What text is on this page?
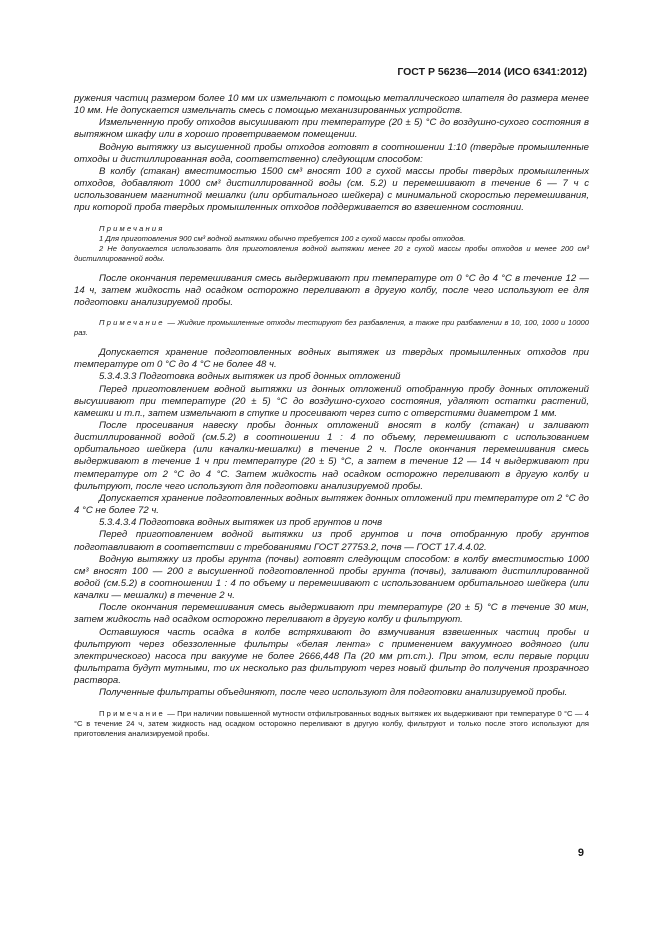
ГОСТ Р 56236—2014 (ИСО 6341:2012)

ружения частиц размером более 10 мм их измельчают с помощью металлического шпателя до размера менее 10 мм. Не допускается измельчать смесь с помощью механизированных устройств.

Измельченную пробу отходов высушивают при температуре (20 ± 5) °С до воздушно-сухого состояния в вытяжном шкафу или в хорошо проветриваемом помещении.

Водную вытяжку из высушенной пробы отходов готовят в соотношении 1:10 (твердые промышленные отходы и дистиллированная вода, соответственно) следующим способом:

В колбу (стакан) вместимостью 1500 см³ вносят 100 г сухой массы пробы твердых промышленных отходов, добавляют 1000 см³ дистиллированной воды (см. 5.2) и перемешивают в течение 6 — 7 ч с использованием магнитной мешалки (или орбитального шейкера) с минимальной скоростью перемешивания, при которой проба твердых промышленных отходов поддерживается во взвешенном состоянии.

Примечания

1 Для приготовления 900 см³ водной вытяжки обычно требуется 100 г сухой массы пробы отходов.

2 Не допускается использовать для приготовления водной вытяжки менее 20 г сухой массы пробы отходов и менее 200 см³ дистиллированной воды.

После окончания перемешивания смесь выдерживают при температуре от 0 °С до 4 °С в течение 12 — 14 ч, затем жидкость над осадком осторожно переливают в другую колбу, после чего используют ее для подготовки анализируемой пробы.

Примечание — Жидкие промышленные отходы тестируют без разбавления, а также при разбавлении в 10, 100, 1000 и 10000 раз.

Допускается хранение подготовленных водных вытяжек из твердых промышленных отходов при температуре от 0 °С до 4 °С не более 48 ч.

5.3.4.3.3 Подготовка водных вытяжек из проб донных отложений

Перед приготовлением водной вытяжки из донных отложений отобранную пробу донных отложений высушивают при температуре (20 ± 5) °С до воздушно-сухого состояния, удаляют остатки растений, камешки и т.п., затем измельчают в ступке и просеивают через сито с отверстиями диаметром 1 мм.

После просеивания навеску пробы донных отложений вносят в колбу (стакан) и заливают дистиллированной водой (см.5.2) в соотношении 1 : 4 по объему, перемешивают с использованием орбитального шейкера (или качалки-мешалки) в течение 2 ч. После окончания перемешивания смесь выдерживают в течение 1 ч при температуре (20 ± 5) °С, а затем в течение 12 — 14 ч выдерживают при температуре от 2 °С до 4 °С. Затем жидкость над осадком осторожно переливают в другую колбу и фильтруют, после чего используют для подготовки анализируемой пробы.

Допускается хранение подготовленных водных вытяжек донных отложений при температуре от 2 °С до 4 °С не более 72 ч.

5.3.4.3.4 Подготовка водных вытяжек из проб грунтов и почв

Перед приготовлением водной вытяжки из проб грунтов и почв отобранную пробу грунтов подготавливают в соответствии с требованиями ГОСТ 27753.2, почв — ГОСТ 17.4.4.02.

Водную вытяжку из пробы грунта (почвы) готовят следующим способом: в колбу вместимостью 1000 см³ вносят 100 — 200 г высушенной подготовленной пробы грунта (почвы), заливают дистиллированной водой (см.5.2) в соотношении 1 : 4 по объему и перемешивают с использованием орбитального шейкера (или качалки — мешалки) в течение 2 ч.

После окончания перемешивания смесь выдерживают при температуре (20 ± 5) °С в течение 30 мин, затем жидкость над осадком осторожно переливают в другую колбу и фильтруют.

Оставшуюся часть осадка в колбе встряхивают до взмучивания взвешенных частиц пробы и фильтруют через обеззоленные фильтры «белая лента» с применением вакуумного водяного (или электрического) насоса при вакууме не более 2666,448 Па (20 мм рт.ст.). При этом, если первые порции фильтрата будут мутными, то их несколько раз фильтруют через новый фильтр до получения прозрачного раствора.

Полученные фильтраты объединяют, после чего используют для подготовки анализируемой пробы.

Примечание — При наличии повышенной мутности отфильтрованных водных вытяжек их выдерживают при температуре 0 °С — 4 °С в течение 24 ч, затем жидкость над осадком осторожно переливают в другую колбу, фильтруют и только после этого используют для приготовления анализируемой пробы.

9
